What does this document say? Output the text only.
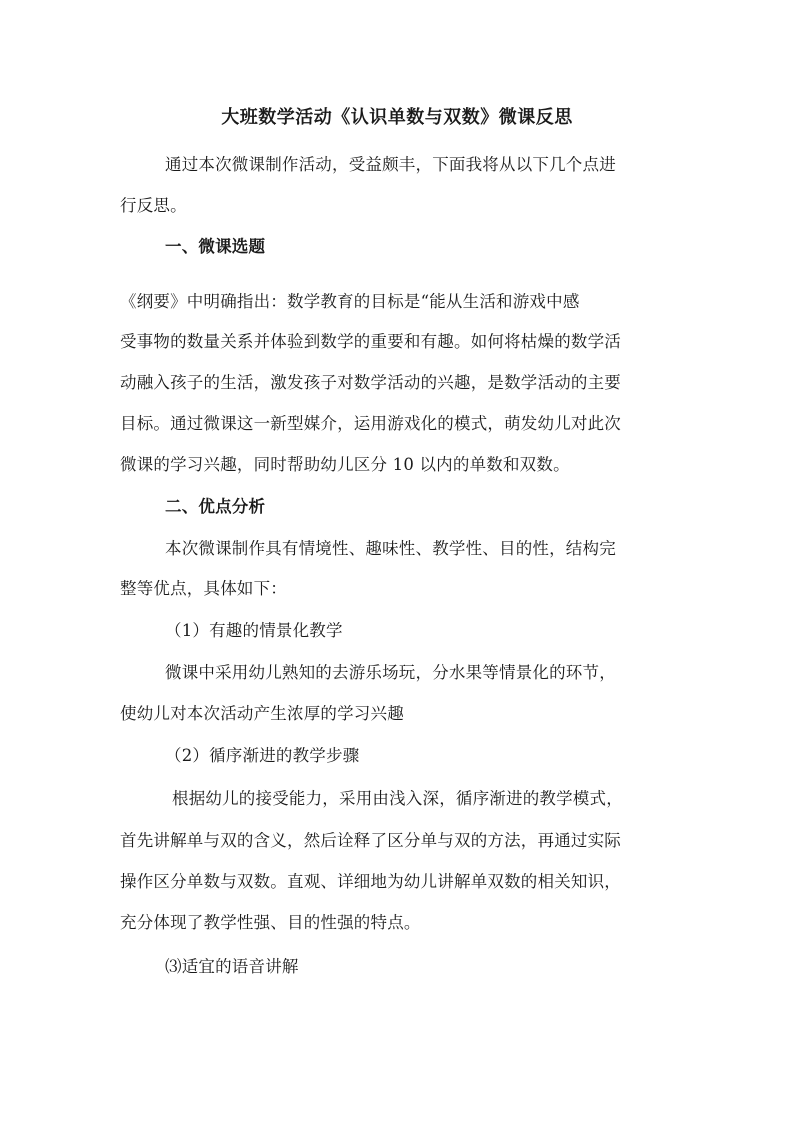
大班数学活动《认识单数与双数》微课反思
通过本次微课制作活动，受益颇丰，下面我将从以下几个点进
行反思。
一、微课选题
《纲要》中明确指出：数学教育的目标是“能从生活和游戏中感
受事物的数量关系并体验到数学的重要和有趣。如何将枯燥的数学活
动融入孩子的生活，激发孩子对数学活动的兴趣，是数学活动的主要
目标。通过微课这一新型媒介，运用游戏化的模式，萌发幼儿对此次
微课的学习兴趣，同时帮助幼儿区分 10 以内的单数和双数。
二、优点分析
本次微课制作具有情境性、趣味性、教学性、目的性，结构完
整等优点，具体如下：
（1）有趣的情景化教学
微课中采用幼儿熟知的去游乐场玩，分水果等情景化的环节，
使幼儿对本次活动产生浓厚的学习兴趣
（2）循序渐进的教学步骤
根据幼儿的接受能力，采用由浅入深，循序渐进的教学模式，
首先讲解单与双的含义，然后诠释了区分单与双的方法，再通过实际
操作区分单数与双数。直观、详细地为幼儿讲解单双数的相关知识，
充分体现了教学性强、目的性强的特点。
⑶适宜的语音讲解
